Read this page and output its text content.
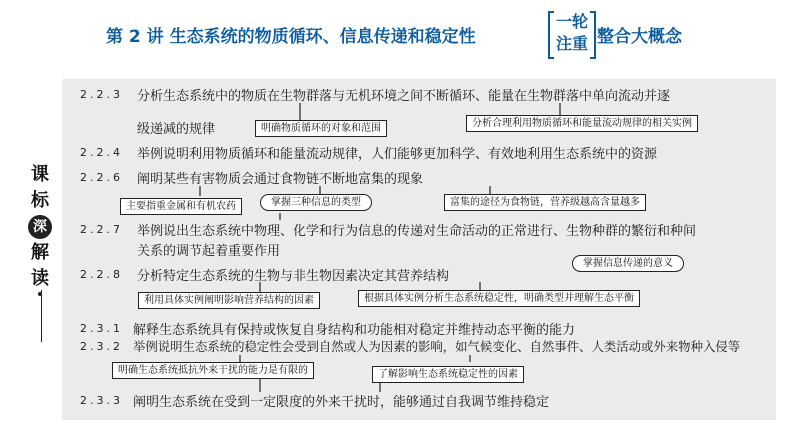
第 2 讲 生态系统的物质循环、信息传递和稳定性
一轮
注重 整合大概念
课
标
深
解
读
2.2.3 分析生态系统中的物质在生物群落与无机环境之间不断循环、能量在生物群落中单向流动并逐
级递减的规律
2.2.4 举例说明利用物质循环和能量流动规律，人们能够更加科学、有效地利用生态系统中的资源
2.2.6 阐明某些有害物质会通过食物链不断地富集的现象
2.2.7 举例说出生态系统中物理、化学和行为信息的传递对生命活动的正常进行、生物种群的繁衍和种间
关系的调节起着重要作用
2.2.8 分析特定生态系统的生物与非生物因素决定其营养结构
2.3.1 解释生态系统具有保持或恢复自身结构和功能相对稳定并维持动态平衡的能力
2.3.2 举例说明生态系统的稳定性会受到自然或人为因素的影响，如气候变化、自然事件、人类活动或外来物种入侵等
2.3.3 阐明生态系统在受到一定限度的外来干扰时，能够通过自我调节维持稳定
明确物质循环的对象和范围	分析合理利用物质循环和能量流动规律的相关实例
掌握三种信息的类型
主要指重金属和有机农药	富集的途径为食物链，营养级越高含量越多
掌握信息传递的意义
根据具体实例分析生态系统稳定性，明确类型并理解生态平衡
利用具体实例阐明影响营养结构的因素
明确生态系统抵抗外来干扰的能力是有限的	了解影响生态系统稳定性的因素
